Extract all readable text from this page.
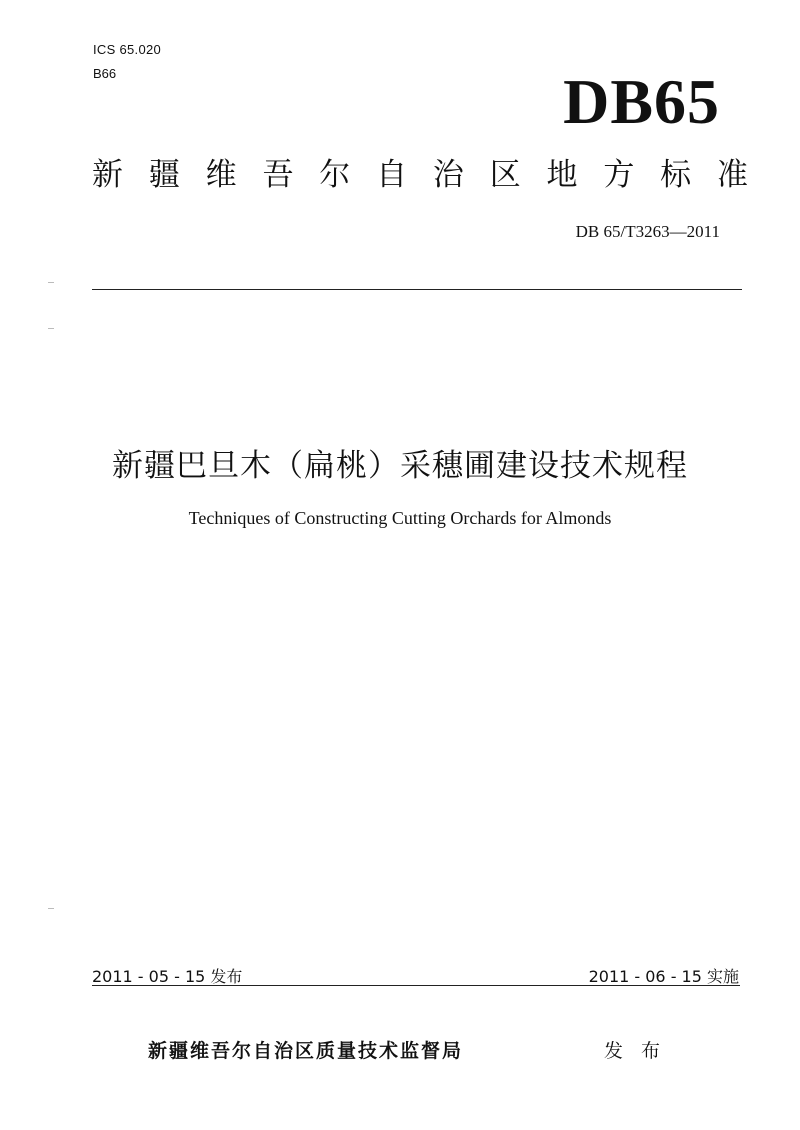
ICS 65.020
B66	DB65
新 疆 维 吾 尔 自 治 区 地 方 标 准
DB 65/T3263—2011
新疆巴旦木（扁桃）采穗圃建设技术规程
Techniques of Constructing Cutting Orchards for Almonds
2011 - 05 - 15 发布	2011 - 06 - 15 实施
新疆维吾尔自治区质量技术监督局	发 布
